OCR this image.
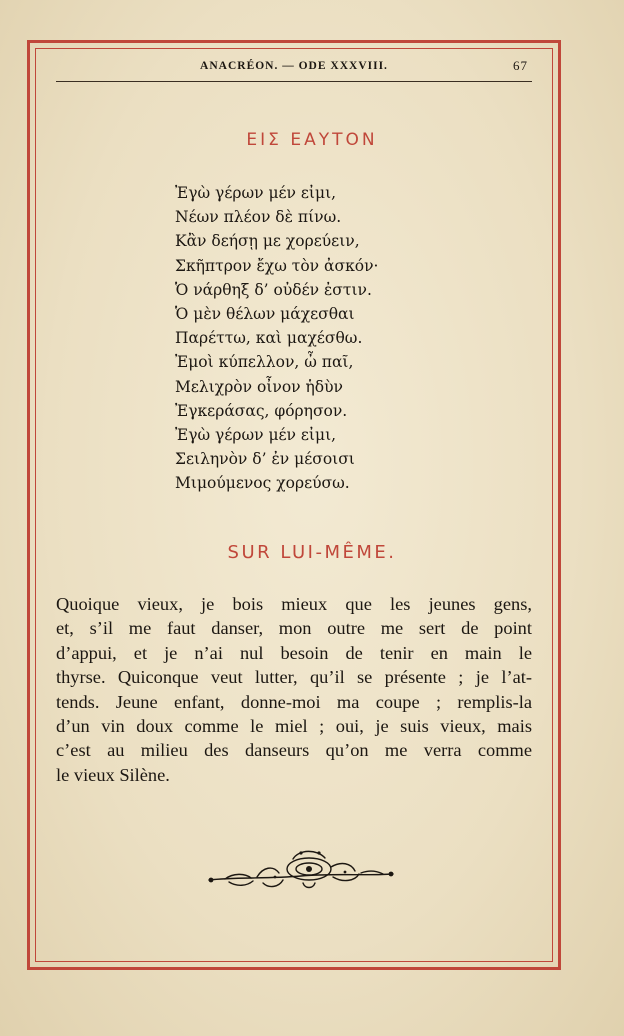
ANACRÉON. — ODE XXXVIII.	67
ΕΙΣ ΕΑΥΤΟΝ
Ἐγὼ γέρων μέν εἰμι,
Νέων πλέον δὲ πίνω.
Κἂν δεήσῃ με χορεύειν,
Σκῆπτρον ἔχω τὸν ἀσκόν·
Ὁ νάρθηξ δ’ οὐδέν ἐστιν.
Ὁ μὲν θέλων μάχεσθαι
Παρέττω, καὶ μαχέσθω.
Ἐμοὶ κύπελλον, ὦ παῖ,
Μελιχρὸν οἶνον ἡδὺν
Ἐγκεράσας, φόρησον.
Ἐγὼ γέρων μέν εἰμι,
Σειληνὸν δ’ ἐν μέσοισι
Μιμούμενος χορεύσω.
SUR LUI-MÊME.
Quoique vieux, je bois mieux que les jeunes gens,
et, s’il me faut danser, mon outre me sert de point
d’appui, et je n’ai nul besoin de tenir en main le
thyrse. Quiconque veut lutter, qu’il se présente ; je l’at-
tends. Jeune enfant, donne-moi ma coupe ; remplis-la
d’un vin doux comme le miel ; oui, je suis vieux, mais
c’est au milieu des danseurs qu’on me verra comme
le vieux Silène.
